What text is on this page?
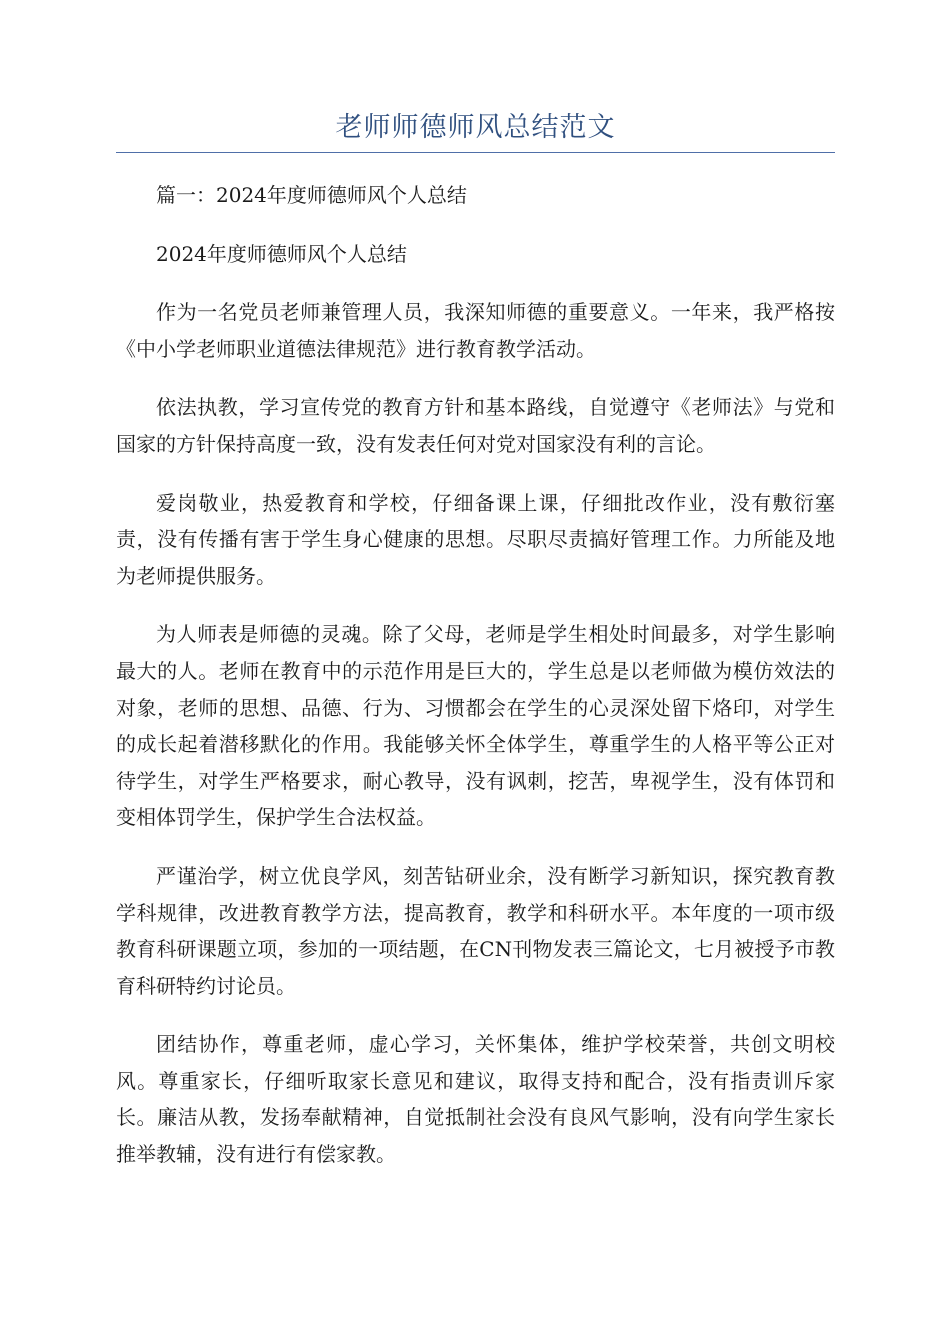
老师师德师风总结范文

篇一：2024年度师德师风个人总结

2024年度师德师风个人总结

作为一名党员老师兼管理人员，我深知师德的重要意义。一年来，我严格按《中小学老师职业道德法律规范》进行教育教学活动。

依法执教，学习宣传党的教育方针和基本路线，自觉遵守《老师法》与党和国家的方针保持高度一致，没有发表任何对党对国家没有利的言论。

爱岗敬业，热爱教育和学校，仔细备课上课，仔细批改作业，没有敷衍塞责，没有传播有害于学生身心健康的思想。尽职尽责搞好管理工作。力所能及地为老师提供服务。

为人师表是师德的灵魂。除了父母，老师是学生相处时间最多，对学生影响最大的人。老师在教育中的示范作用是巨大的，学生总是以老师做为模仿效法的对象，老师的思想、品德、行为、习惯都会在学生的心灵深处留下烙印，对学生的成长起着潜移默化的作用。我能够关怀全体学生，尊重学生的人格平等公正对待学生，对学生严格要求，耐心教导，没有讽刺，挖苦，卑视学生，没有体罚和变相体罚学生，保护学生合法权益。

严谨治学，树立优良学风，刻苦钻研业余，没有断学习新知识，探究教育教学科规律，改进教育教学方法，提高教育，教学和科研水平。本年度的一项市级教育科研课题立项，参加的一项结题，在CN刊物发表三篇论文，七月被授予市教育科研特约讨论员。

团结协作，尊重老师，虚心学习，关怀集体，维护学校荣誉，共创文明校风。尊重家长，仔细听取家长意见和建议，取得支持和配合，没有指责训斥家长。廉洁从教，发扬奉献精神，自觉抵制社会没有良风气影响，没有向学生家长推举教辅，没有进行有偿家教。
